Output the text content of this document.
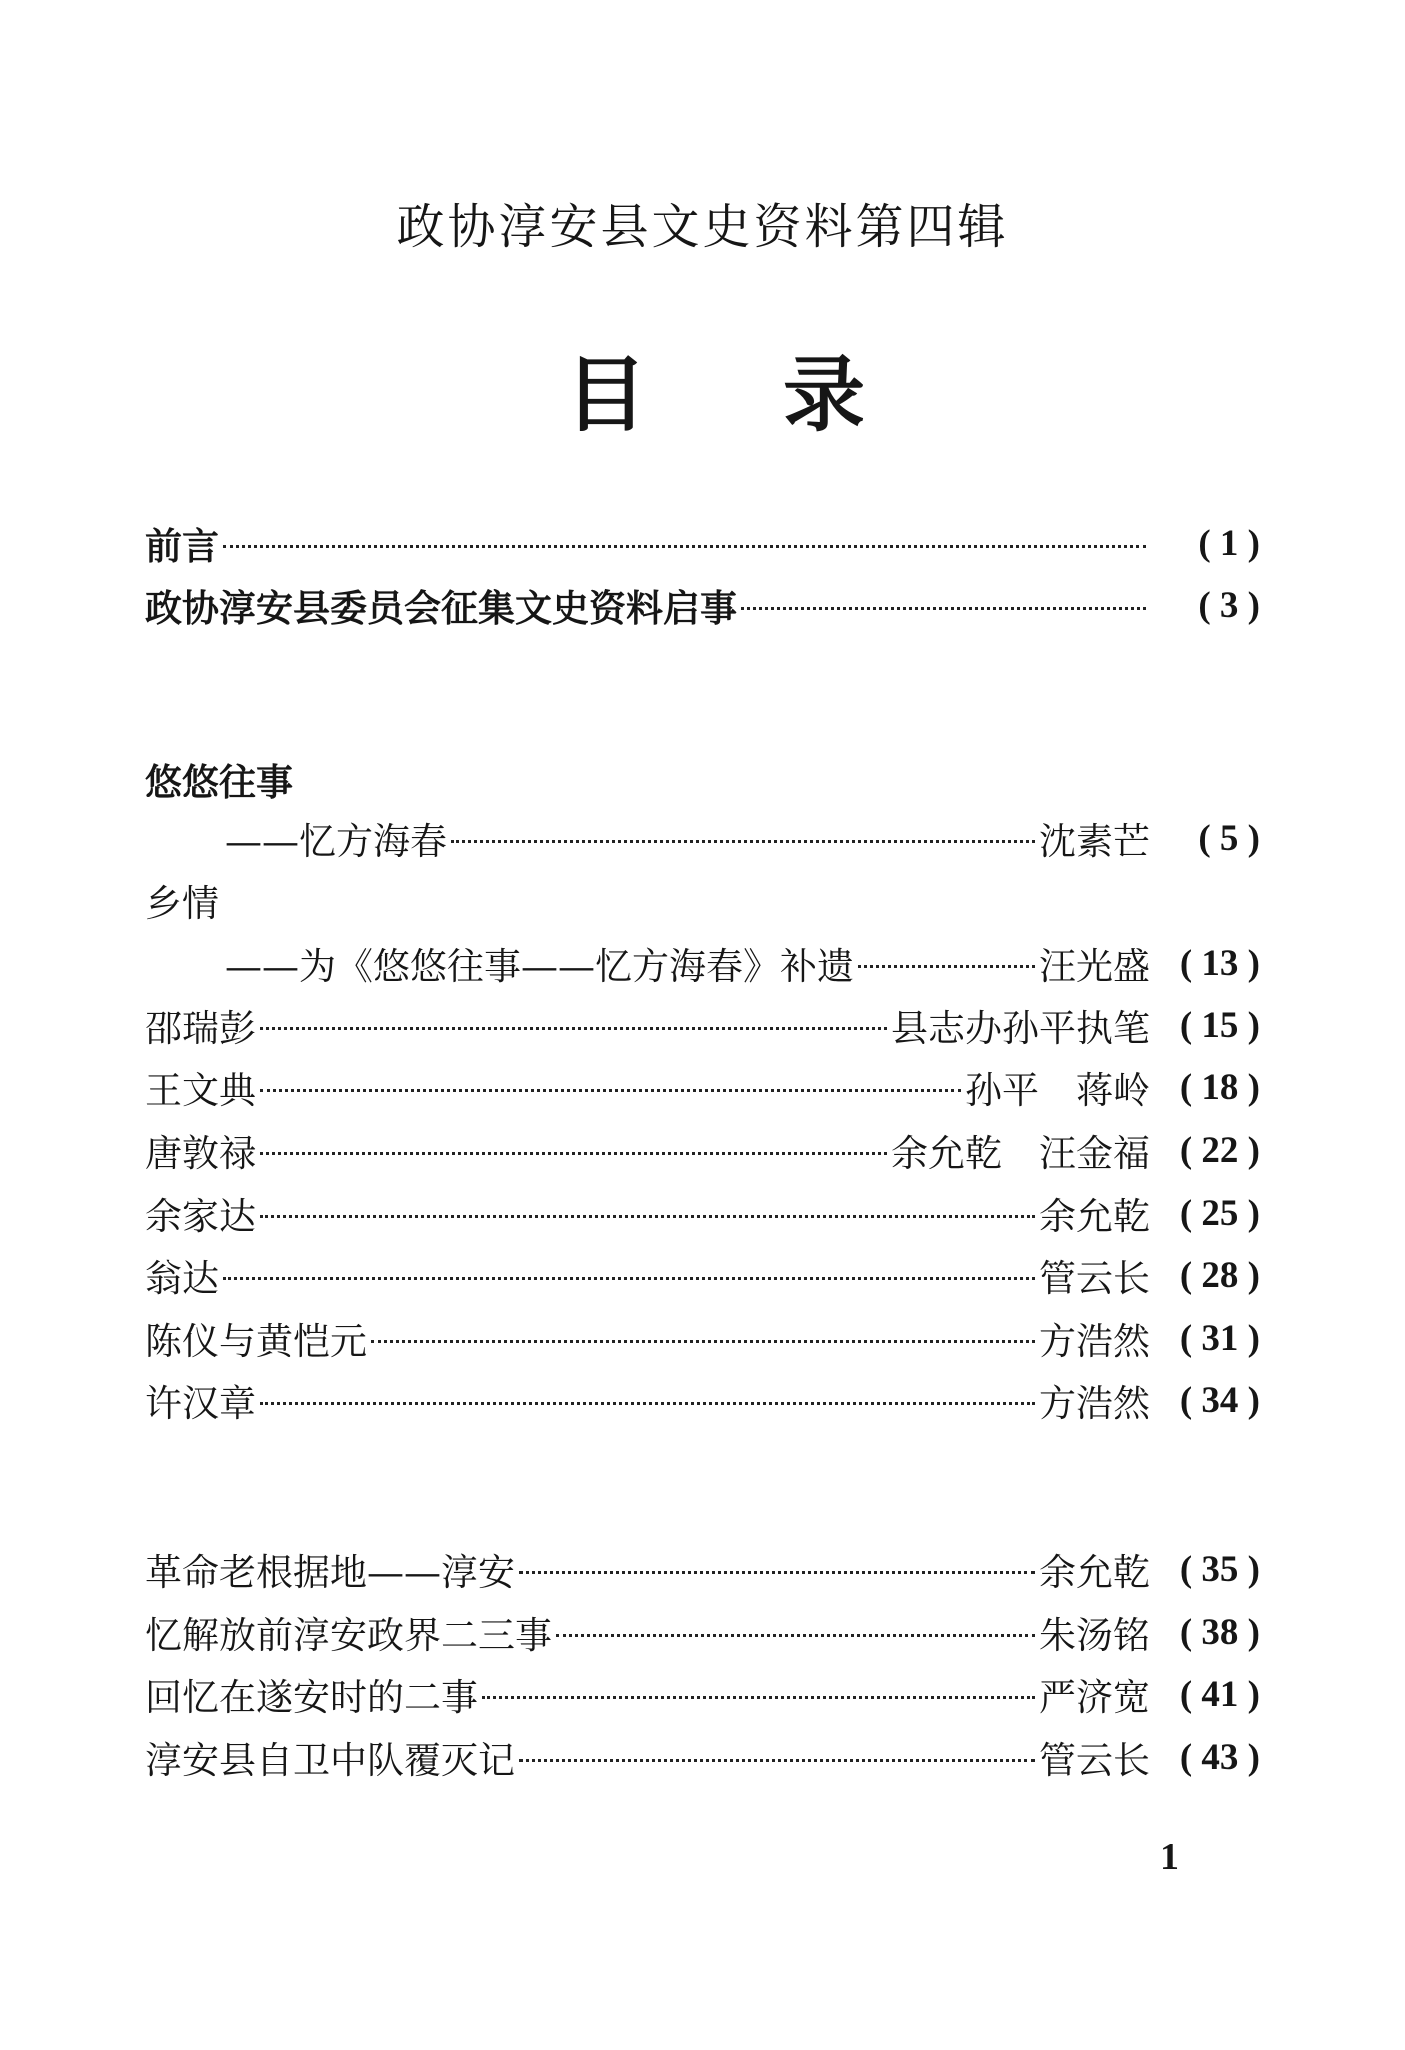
政协淳安县文史资料第四辑
目 录
前言	( 1 )
政协淳安县委员会征集文史资料启事	( 3 )
悠悠往事
——忆方海春	沈素芒	( 5 )
乡情
——为《悠悠往事——忆方海春》补遗	汪光盛 ( 13 )
邵瑞彭	县志办孙平执笔 ( 15 )
王文典	孙平　蒋岭 ( 18 )
唐敦禄	余允乾　汪金福 ( 22 )
余家达	余允乾 ( 25 )
翁达	管云长 ( 28 )
陈仪与黄恺元	方浩然 ( 31 )
许汉章	方浩然 ( 34 )
革命老根据地——淳安	余允乾 ( 35 )
忆解放前淳安政界二三事	朱汤铭 ( 38 )
回忆在遂安时的二事	严济宽 ( 41 )
淳安县自卫中队覆灭记	管云长 ( 43 )
1
